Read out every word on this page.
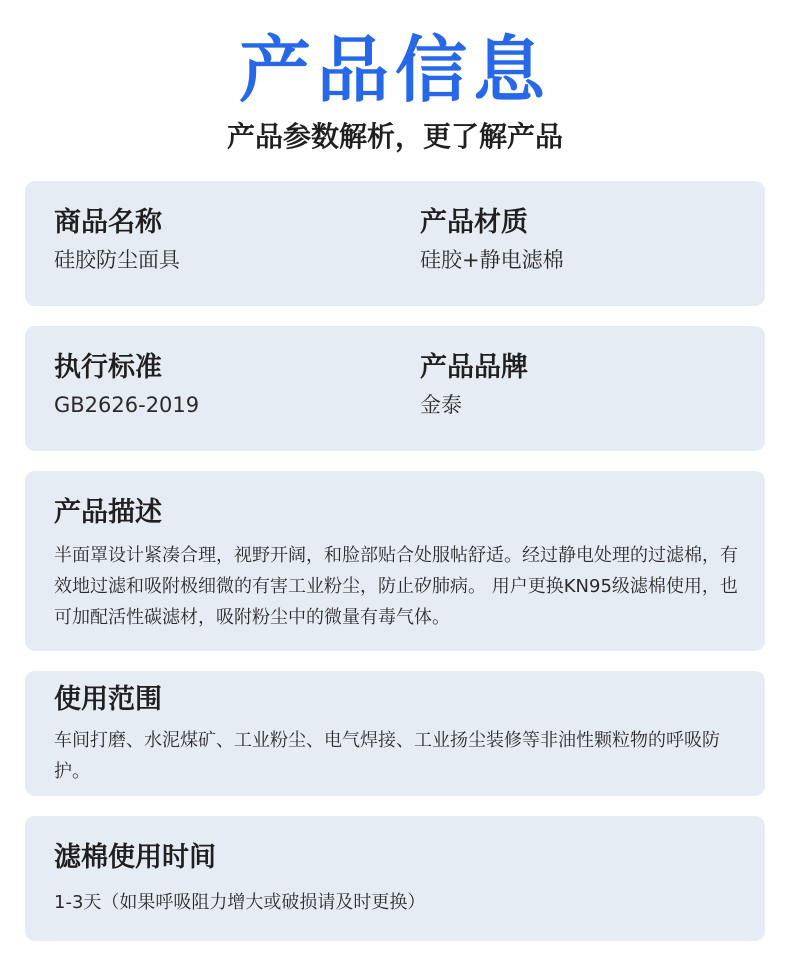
产品信息
产品参数解析，更了解产品
商品名称
硅胶防尘面具
产品材质
硅胶+静电滤棉
执行标准
GB2626-2019
产品品牌
金泰
产品描述
半面罩设计紧凑合理，视野开阔，和脸部贴合处服帖舒适。经过静电处理的过滤棉，有效地过滤和吸附极细微的有害工业粉尘，防止矽肺病。 用户更换KN95级滤棉使用，也可加配活性碳滤材，吸附粉尘中的微量有毒气体。
使用范围
车间打磨、水泥煤矿、工业粉尘、电气焊接、工业扬尘装修等非油性颗粒物的呼吸防护。
滤棉使用时间
1-3天（如果呼吸阻力增大或破损请及时更换）
